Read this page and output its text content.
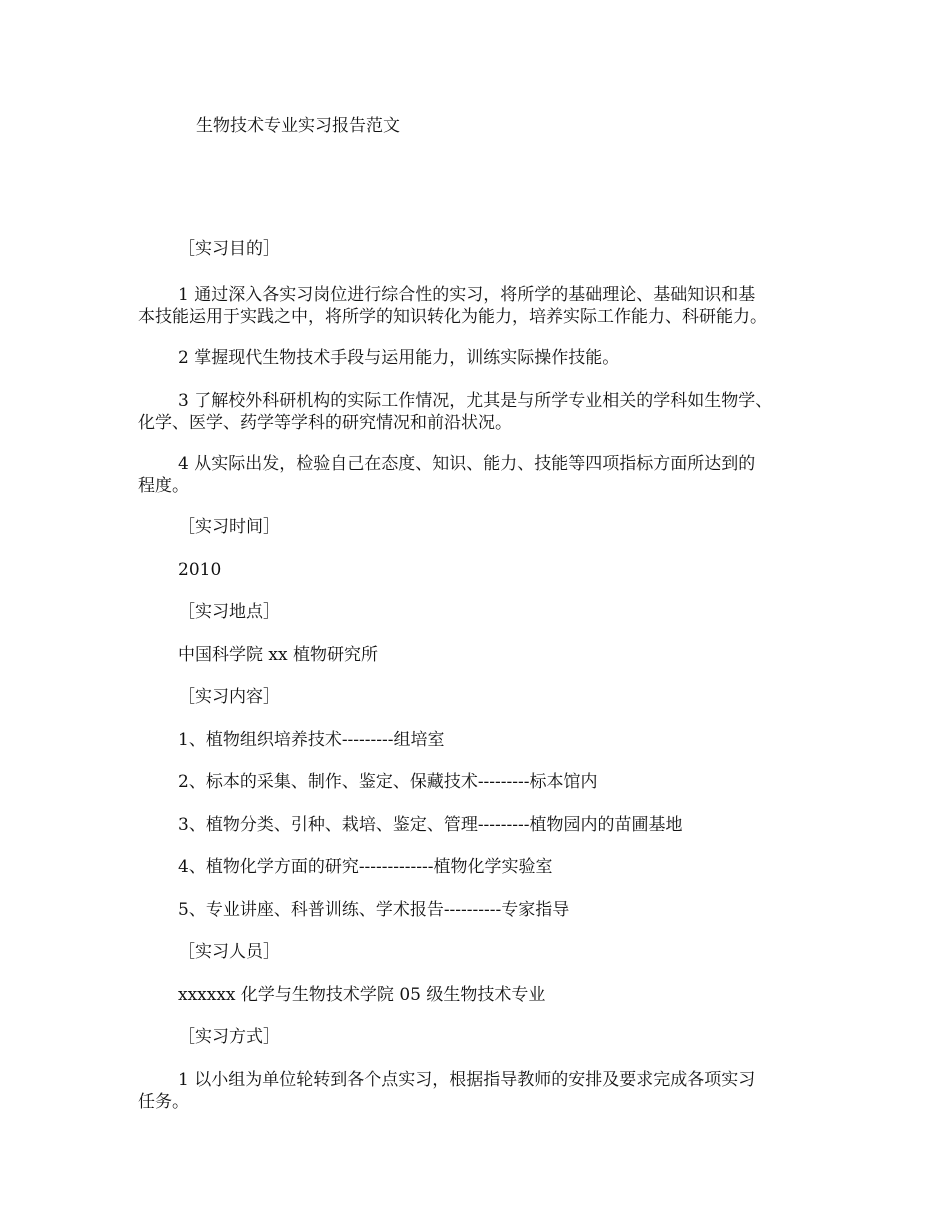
生物技术专业实习报告范文
［实习目的］
1 通过深入各实习岗位进行综合性的实习，将所学的基础理论、基础知识和基
本技能运用于实践之中，将所学的知识转化为能力，培养实际工作能力、科研能力。
2 掌握现代生物技术手段与运用能力，训练实际操作技能。
3 了解校外科研机构的实际工作情况，尤其是与所学专业相关的学科如生物学、
化学、医学、药学等学科的研究情况和前沿状况。
4 从实际出发，检验自己在态度、知识、能力、技能等四项指标方面所达到的
程度。
［实习时间］
2010
［实习地点］
中国科学院 xx 植物研究所
［实习内容］
1、植物组织培养技术---------组培室
2、标本的采集、制作、鉴定、保藏技术---------标本馆内
3、植物分类、引种、栽培、鉴定、管理---------植物园内的苗圃基地
4、植物化学方面的研究-------------植物化学实验室
5、专业讲座、科普训练、学术报告----------专家指导
［实习人员］
xxxxxx 化学与生物技术学院 05 级生物技术专业
［实习方式］
1 以小组为单位轮转到各个点实习，根据指导教师的安排及要求完成各项实习
任务。
